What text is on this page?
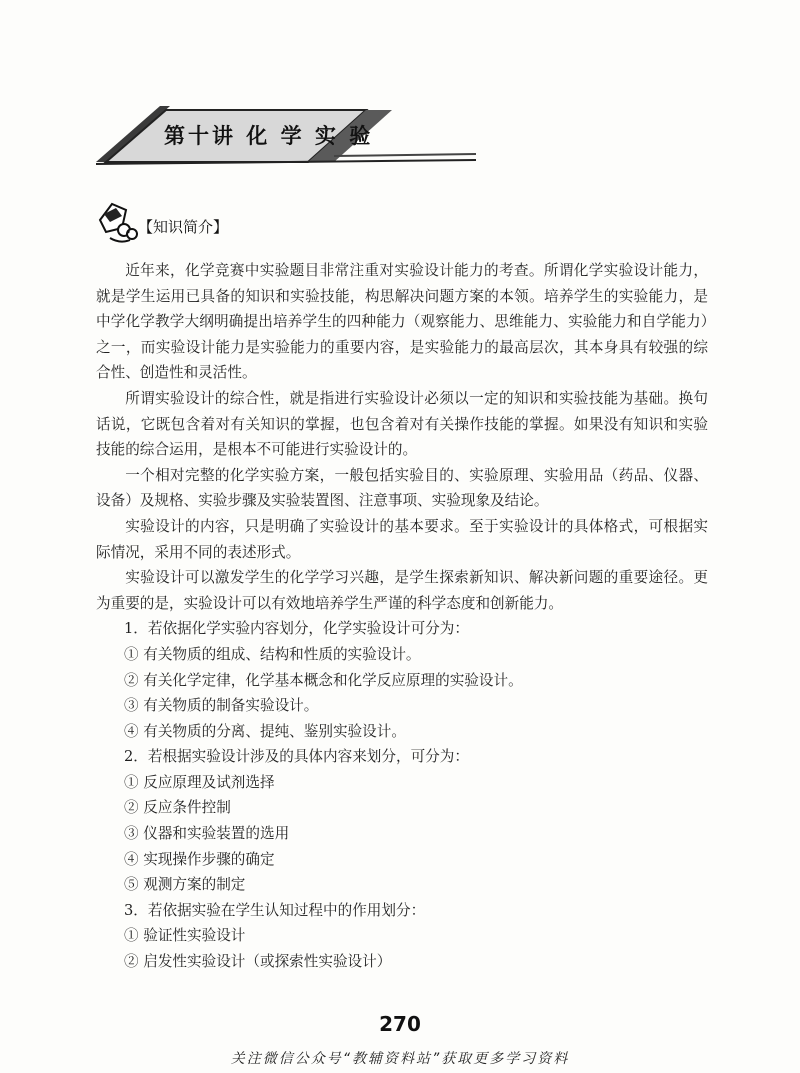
第十讲 化 学 实 验
【知识简介】

近年来，化学竞赛中实验题目非常注重对实验设计能力的考查。所谓化学实验设计能力，就是学生运用已具备的知识和实验技能，构思解决问题方案的本领。培养学生的实验能力，是中学化学教学大纲明确提出培养学生的四种能力（观察能力、思维能力、实验能力和自学能力）之一，而实验设计能力是实验能力的重要内容，是实验能力的最高层次，其本身具有较强的综合性、创造性和灵活性。

所谓实验设计的综合性，就是指进行实验设计必须以一定的知识和实验技能为基础。换句话说，它既包含着对有关知识的掌握，也包含着对有关操作技能的掌握。如果没有知识和实验技能的综合运用，是根本不可能进行实验设计的。

一个相对完整的化学实验方案，一般包括实验目的、实验原理、实验用品（药品、仪器、设备）及规格、实验步骤及实验装置图、注意事项、实验现象及结论。

实验设计的内容，只是明确了实验设计的基本要求。至于实验设计的具体格式，可根据实际情况，采用不同的表述形式。

实验设计可以激发学生的化学学习兴趣，是学生探索新知识、解决新问题的重要途径。更为重要的是，实验设计可以有效地培养学生严谨的科学态度和创新能力。

1．若依据化学实验内容划分，化学实验设计可分为：

① 有关物质的组成、结构和性质的实验设计。

② 有关化学定律，化学基本概念和化学反应原理的实验设计。

③ 有关物质的制备实验设计。

④ 有关物质的分离、提纯、鉴别实验设计。

2．若根据实验设计涉及的具体内容来划分，可分为：

① 反应原理及试剂选择

② 反应条件控制

③ 仪器和实验装置的选用

④ 实现操作步骤的确定

⑤ 观测方案的制定

3．若依据实验在学生认知过程中的作用划分：

① 验证性实验设计

② 启发性实验设计（或探索性实验设计）

270
关注微信公众号“教辅资料站”获取更多学习资料
